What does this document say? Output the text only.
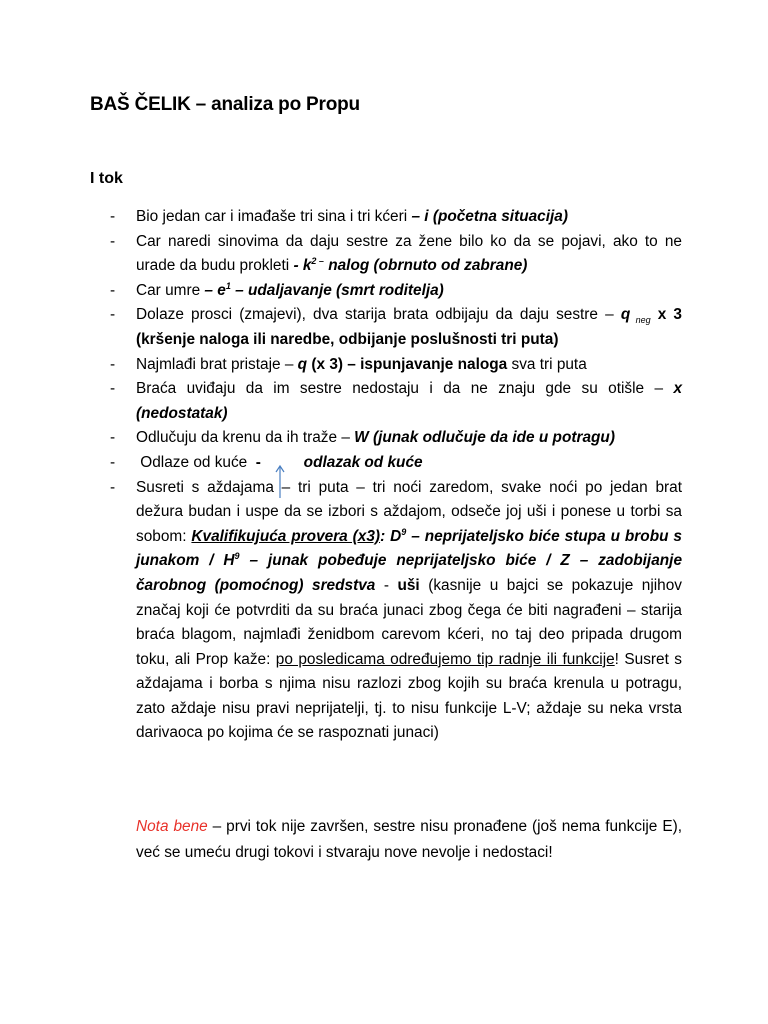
BAŠ ČELIK – analiza po Propu
I tok
- Bio jedan car i imađaše tri sina i tri kćeri – i (početna situacija)
- Car naredi sinovima da daju sestre za žene bilo ko da se pojavi, ako to ne urade da budu prokleti - $k^{2 -}$ nalog (obrnuto od zabrane)
- Car umre – $e^1$ – udaljavanje (smrt roditelja)
- Dolaze prosci (zmajevi), dva starija brata odbijaju da daju sestre – q $_{neg}$ x 3 (kršenje naloga ili naredbe, odbijanje poslušnosti tri puta)
- Najmlađi brat pristaje – q (x 3) – ispunjavanje naloga sva tri puta
- Braća uviđaju da im sestre nedostaju i da ne znaju gde su otišle – x (nedostatak)
- Odlučuju da krenu da ih traže – W (junak odlučuje da ide u potragu)
-  Odlaze od kuće  -          odlazak od kuće
- Susreti s aždajama – tri puta – tri noći zaredom, svake noći po jedan brat dežura budan i uspe da se izbori s aždajom, odseče joj uši i ponese u torbi sa sobom: Kvalifikujuća provera (x3): $D^9$ – neprijateljsko biće stupa u brobu s junakom / $H^9$ – junak pobeđuje neprijateljsko biće / Z – zadobijanje čarobnog (pomoćnog) sredstva - uši (kasnije u bajci se pokazuje njihov značaj koji će potvrditi da su braća junaci zbog čega će biti nagrađeni – starija braća blagom, najmlađi ženidbom carevom kćeri, no taj deo pripada drugom toku, ali Prop kaže: po posledicama određujemo tip radnje ili funkcije! Susret s aždajama i borba s njima nisu razlozi zbog kojih su braća krenula u potragu, zato aždaje nisu pravi neprijatelji, tj. to nisu funkcije L-V; aždaje su neka vrsta darivaoca po kojima će se raspoznati junaci)
Nota bene – prvi tok nije završen, sestre nisu pronađene (još nema funkcije E), već se umeću drugi tokovi i stvaraju nove nevolje i nedostaci!
